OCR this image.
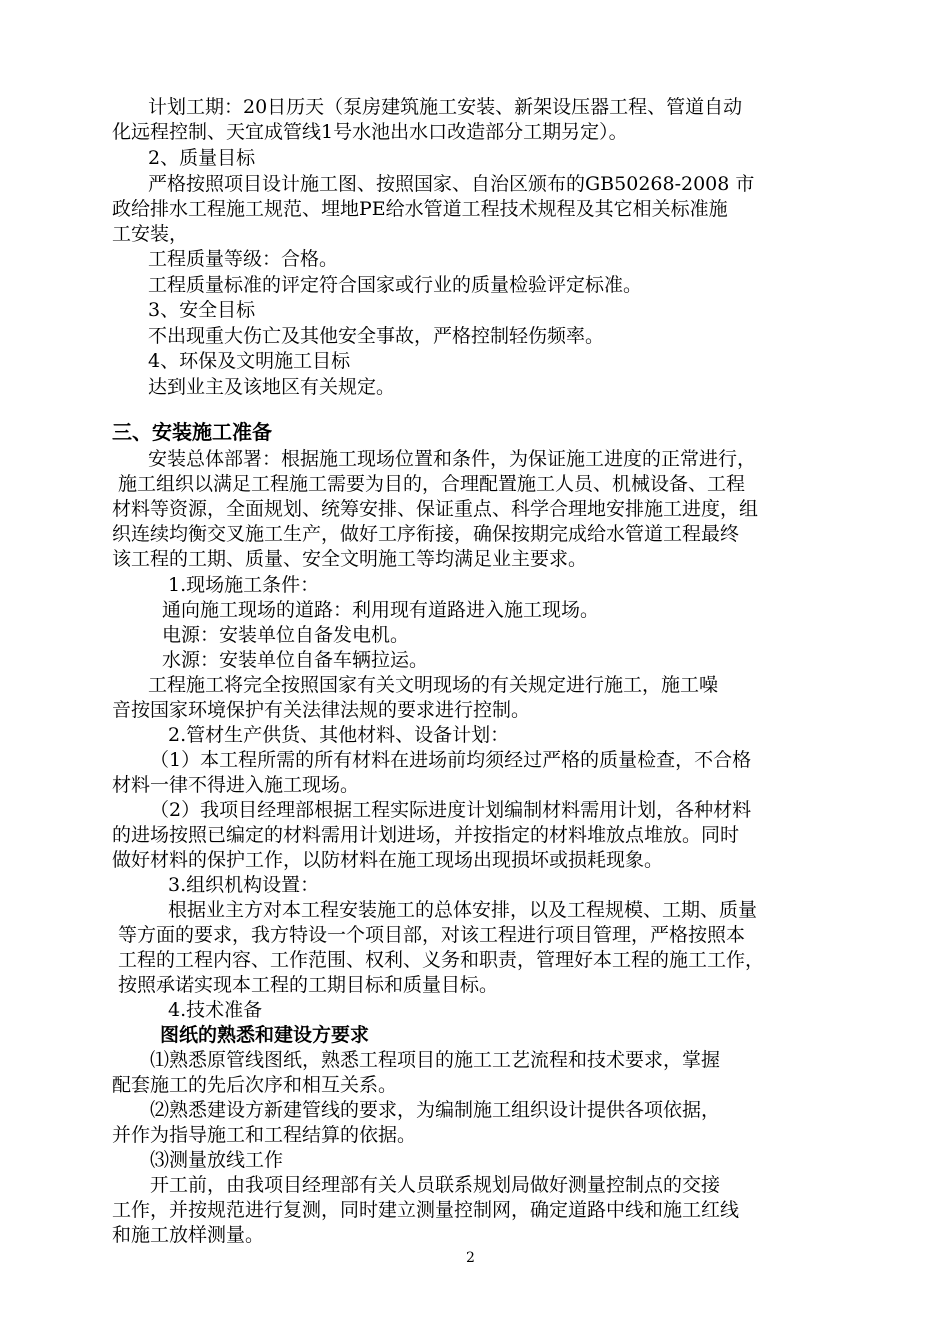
计划工期：20日历天（泵房建筑施工安装、新架设压器工程、管道自动

化远程控制、天宜成管线1号水池出水口改造部分工期另定）。

2、质量目标

严格按照项目设计施工图、按照国家、自治区颁布的GB50268-2008 市

政给排水工程施工规范、埋地PE给水管道工程技术规程及其它相关标准施

工安装，

工程质量等级：合格。

工程质量标准的评定符合国家或行业的质量检验评定标准。

3、安全目标

不出现重大伤亡及其他安全事故，严格控制轻伤频率。

4、环保及文明施工目标

达到业主及该地区有关规定。

三、安装施工准备

安装总体部署：根据施工现场位置和条件，为保证施工进度的正常进行，

施工组织以满足工程施工需要为目的，合理配置施工人员、机械设备、工程

材料等资源，全面规划、统筹安排、保证重点、科学合理地安排施工进度，组

织连续均衡交叉施工生产，做好工序衔接，确保按期完成给水管道工程最终

该工程的工期、质量、安全文明施工等均满足业主要求。

1.现场施工条件：

通向施工现场的道路：利用现有道路进入施工现场。

电源：安装单位自备发电机。

水源：安装单位自备车辆拉运。

工程施工将完全按照国家有关文明现场的有关规定进行施工，施工噪

音按国家环境保护有关法律法规的要求进行控制。

2.管材生产供货、其他材料、设备计划：

（1）本工程所需的所有材料在进场前均须经过严格的质量检查，不合格

材料一律不得进入施工现场。

（2）我项目经理部根据工程实际进度计划编制材料需用计划，各种材料

的进场按照已编定的材料需用计划进场，并按指定的材料堆放点堆放。同时

做好材料的保护工作，以防材料在施工现场出现损坏或损耗现象。

3.组织机构设置：

根据业主方对本工程安装施工的总体安排，以及工程规模、工期、质量

等方面的要求，我方特设一个项目部，对该工程进行项目管理，严格按照本

工程的工程内容、工作范围、权利、义务和职责，管理好本工程的施工工作，

按照承诺实现本工程的工期目标和质量目标。

4.技术准备

图纸的熟悉和建设方要求

⑴熟悉原管线图纸，熟悉工程项目的施工工艺流程和技术要求，掌握

配套施工的先后次序和相互关系。

⑵熟悉建设方新建管线的要求，为编制施工组织设计提供各项依据，

并作为指导施工和工程结算的依据。

⑶测量放线工作

开工前，由我项目经理部有关人员联系规划局做好测量控制点的交接

工作，并按规范进行复测，同时建立测量控制网，确定道路中线和施工红线

和施工放样测量。

2
